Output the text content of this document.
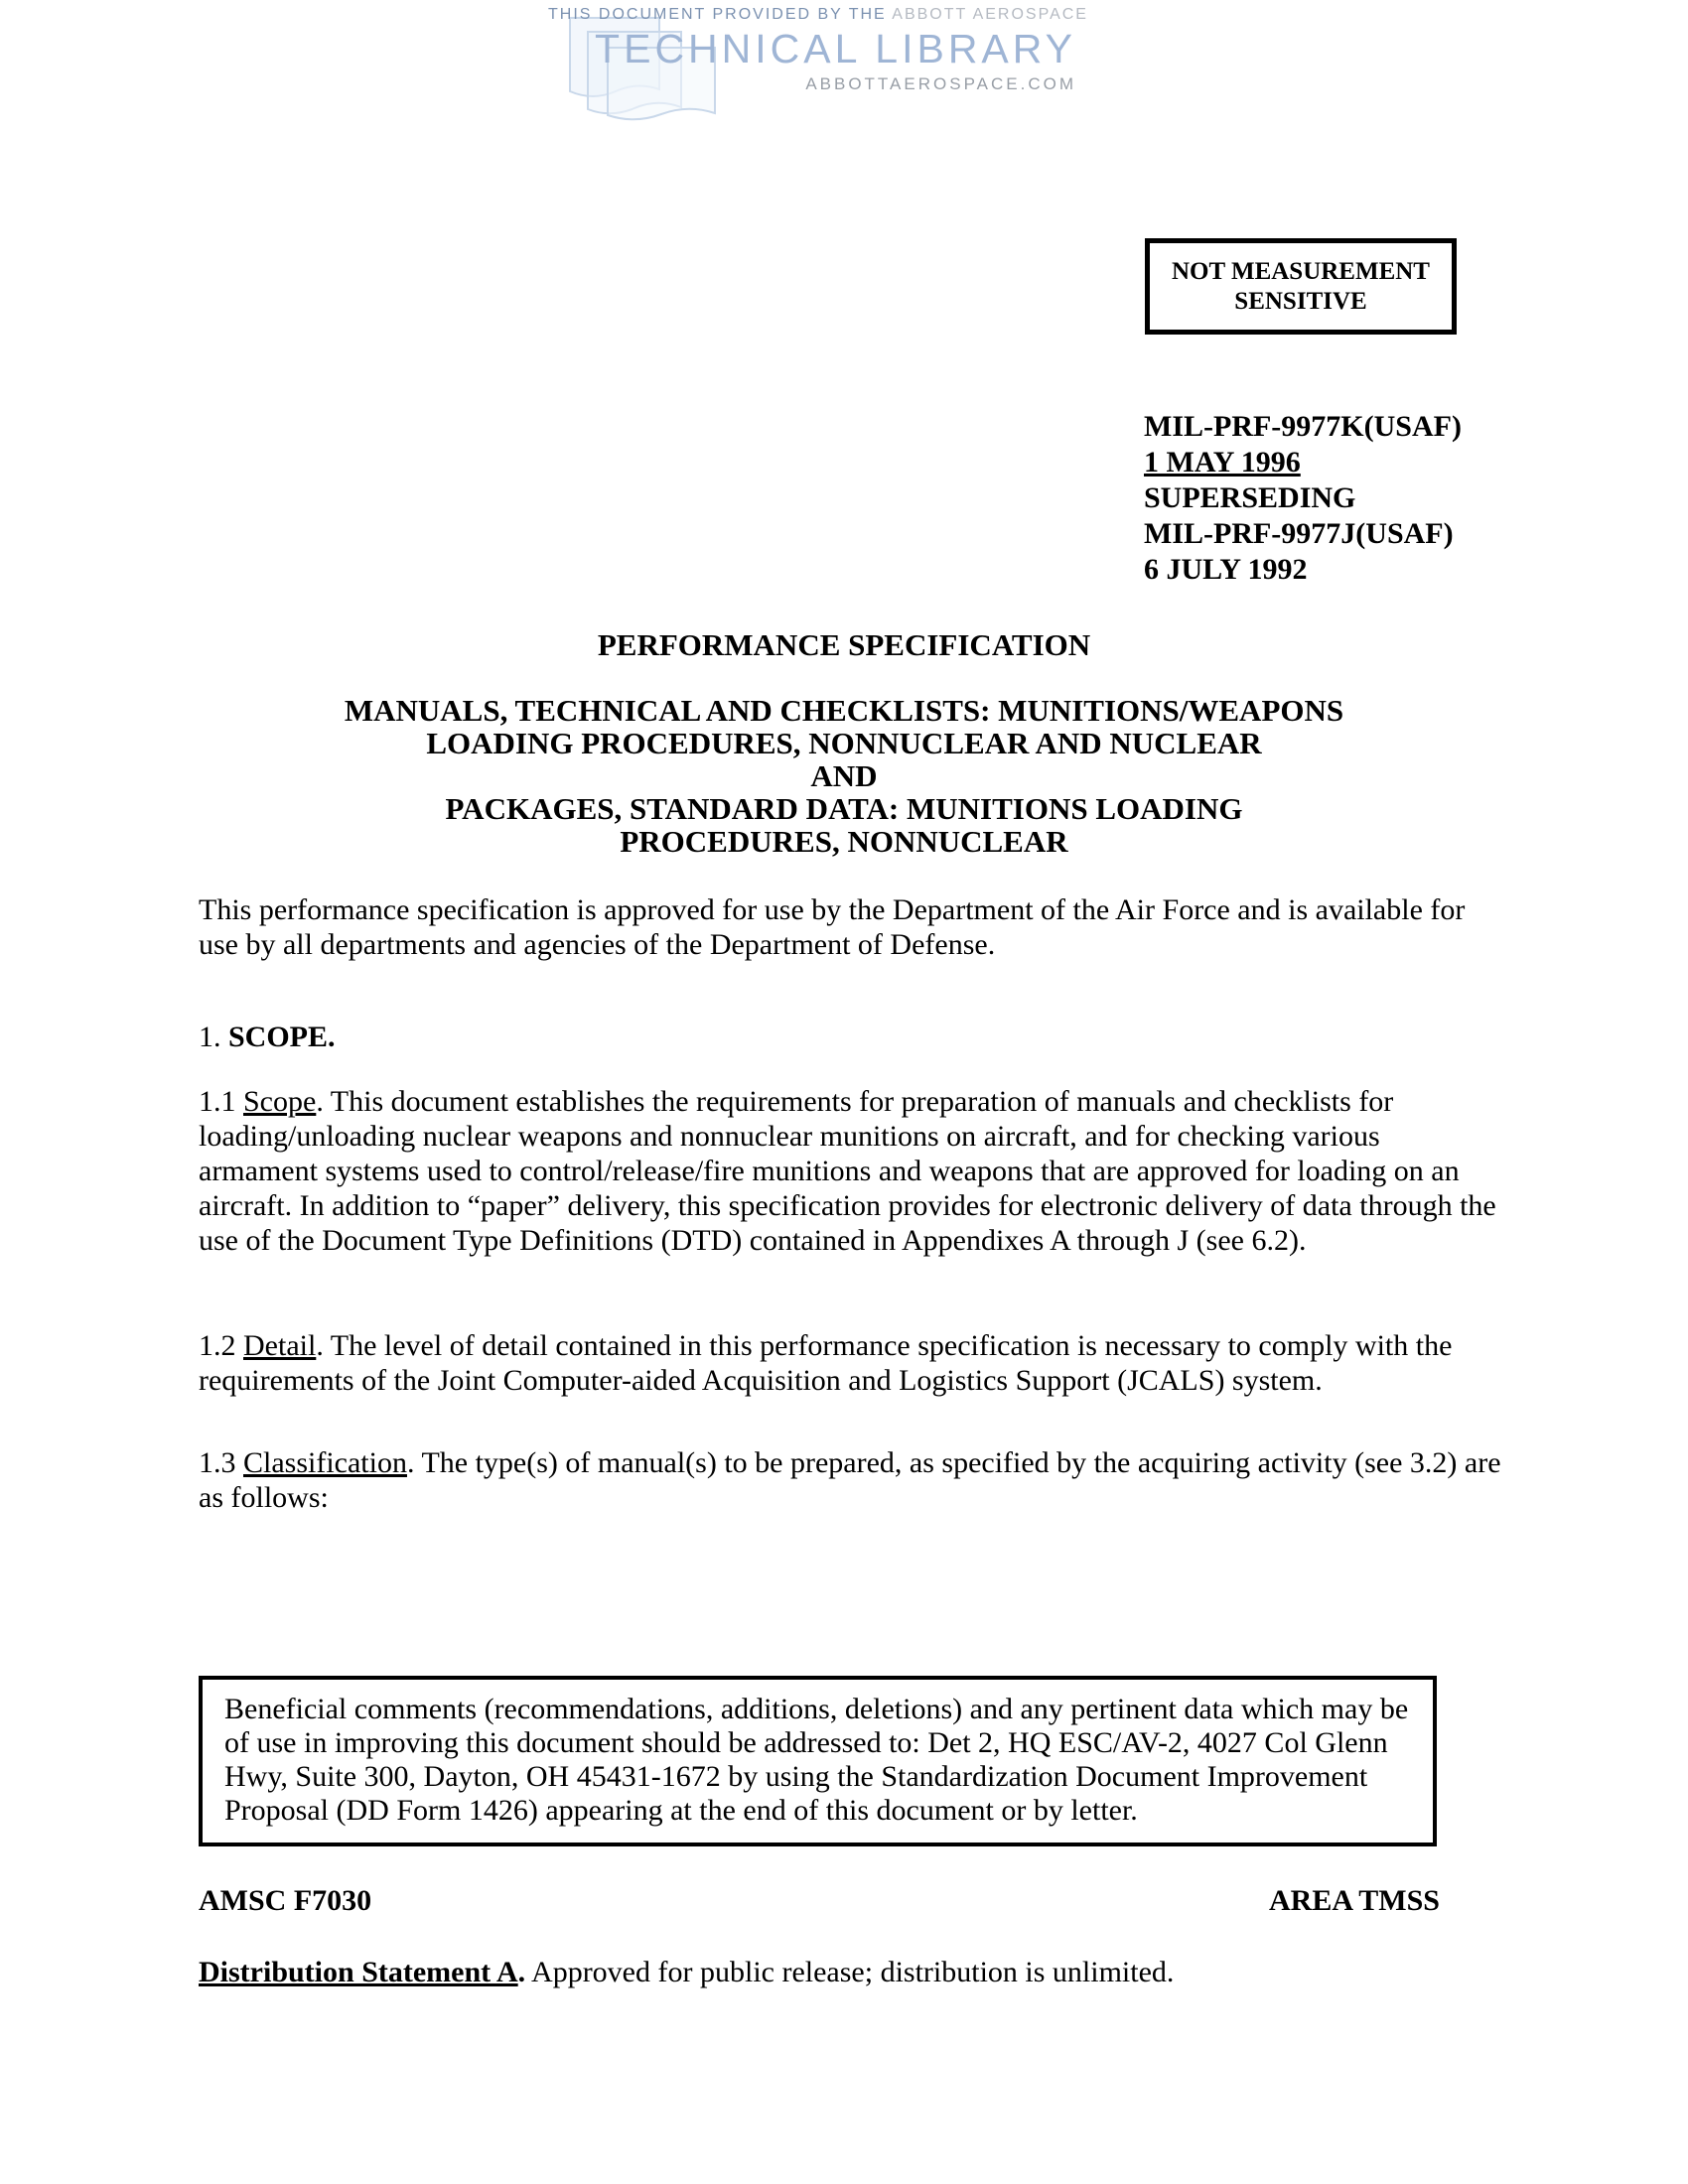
THIS DOCUMENT PROVIDED BY THE ABBOTT AEROSPACE
TECHNICAL LIBRARY
ABBOTTAEROSPACE.COM
NOT MEASUREMENT
SENSITIVE
MIL-PRF-9977K(USAF)
1 MAY 1996
SUPERSEDING
MIL-PRF-9977J(USAF)
6 JULY 1992
PERFORMANCE SPECIFICATION
MANUALS, TECHNICAL AND CHECKLISTS: MUNITIONS/WEAPONS
LOADING PROCEDURES, NONNUCLEAR AND NUCLEAR
AND
PACKAGES, STANDARD DATA: MUNITIONS LOADING
PROCEDURES, NONNUCLEAR

This performance specification is approved for use by the Department of the Air Force and is available for use by all departments and agencies of the Department of Defense.

1. SCOPE.

1.1 Scope. This document establishes the requirements for preparation of manuals and checklists for loading/unloading nuclear weapons and nonnuclear munitions on aircraft, and for checking various armament systems used to control/release/fire munitions and weapons that are approved for loading on an aircraft. In addition to “paper” delivery, this specification provides for electronic delivery of data through the use of the Document Type Definitions (DTD) contained in Appendixes A through J (see 6.2).

1.2 Detail. The level of detail contained in this performance specification is necessary to comply with the requirements of the Joint Computer-aided Acquisition and Logistics Support (JCALS) system.

1.3 Classification. The type(s) of manual(s) to be prepared, as specified by the acquiring activity (see 3.2) are as follows:

Beneficial comments (recommendations, additions, deletions) and any pertinent data which may be of use in improving this document should be addressed to: Det 2, HQ ESC/AV-2, 4027 Col Glenn Hwy, Suite 300, Dayton, OH 45431-1672 by using the Standardization Document Improvement Proposal (DD Form 1426) appearing at the end of this document or by letter.
AMSC F7030	AREA TMSS

Distribution Statement A. Approved for public release; distribution is unlimited.
